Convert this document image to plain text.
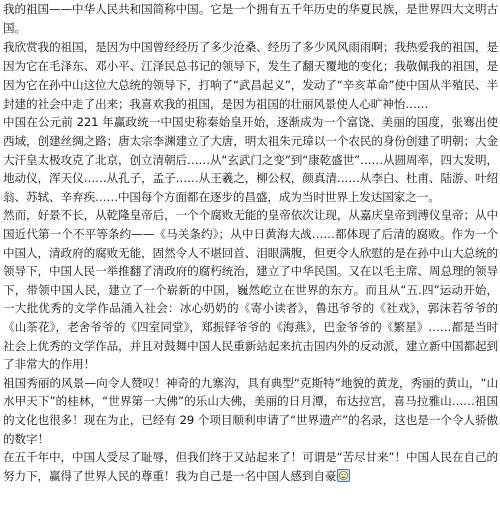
我的祖国——中华人民共和国简称中国。它是一个拥有五千年历史的华夏民族，是世界四大文明古国。

我欣赏我的祖国，是因为中国曾经经历了多少沧桑、经历了多少风风雨雨啊；我热爱我的祖国，是因为它在毛泽东、邓小平、江泽民总书记的领导下，发生了翻天覆地的变化；我敬佩我的祖国，是因为它在孙中山这位大总统的领导下，打响了“武昌起义”，发动了“辛亥革命”使中国从半殖民、半封建的社会中走了出来；我喜欢我的祖国，是因为祖国的壮丽风景使人心旷神怡……

中国在公元前 221 年赢政统一中国史称秦始皇开始，逐渐成为一个富饶、美丽的国度，张骞出使西域，创建丝绸之路；唐太宗李渊建立了大唐，明太祖朱元璋以一个农民的身份创建了明朝；大金大汗皇太极攻克了北京，创立清朝后……从“玄武门之变”到“康乾盛世”……从圆周率，四大发明，地动仪，浑天仪……从孔子，孟子……从王羲之，柳公权，颜真清……从李白、杜甫、陆游、叶绍翁、苏轼、辛弃疾……中国每个方面都在逐步的昌盛，成为当时世界上发达国家之一。

然而，好景不长，从乾隆皇帝后，一个个腐败无能的皇帝依次让现，从嘉庆皇帝到溥仪皇帝；从中国近代第一个不平等条约——《马关条约》；从中日黄海大战……都体现了后清的腐败。作为一个中国人，清政府的腐败无能，固然令人不堪回首、泪眼满腹，但更令人欣慰的是在孙中山大总统的领导下，中国人民一举推翻了清政府的腐朽统治，建立了中华民国。又在以毛主席、周总理的领导下，带领中国人民，建立了一个崭新的中国，巍然屹立在世界的东方。而且从“五.四”运动开始，一大批优秀的文学作品涌入社会：冰心奶奶的《寄小读者》，鲁迅爷爷的《社戏》，郭沫若爷爷的《山茶花》，老舍爷爷的《四室同堂》，郑振铎爷爷的《海燕》，巴金爷爷的《繁星》……都是当时社会上优秀的文学作品，并且对鼓舞中国人民重新站起来抗击国内外的反动派，建立新中国都起到了非常大的作用！

祖国秀丽的风景—向令人赞叹！神奇的九寨沟，具有典型“克斯特”地貌的黄龙，秀丽的黄山，“山水甲天下”的桂林，“世界第一大佛”的乐山大佛，美丽的日月潭，布达拉宫，喜马拉雅山……祖国的文化也很多！现在为止，已经有 29 个项目顺利申请了“世界遗产”的名录，这也是一个令人骄傲的数字！

在五千年中，中国人受尽了耻辱，但我们终于又站起来了！可谓是“苦尽甘来”！中国人民在自己的努力下，赢得了世界人民的尊重！我为自己是一名中国人感到自豪
